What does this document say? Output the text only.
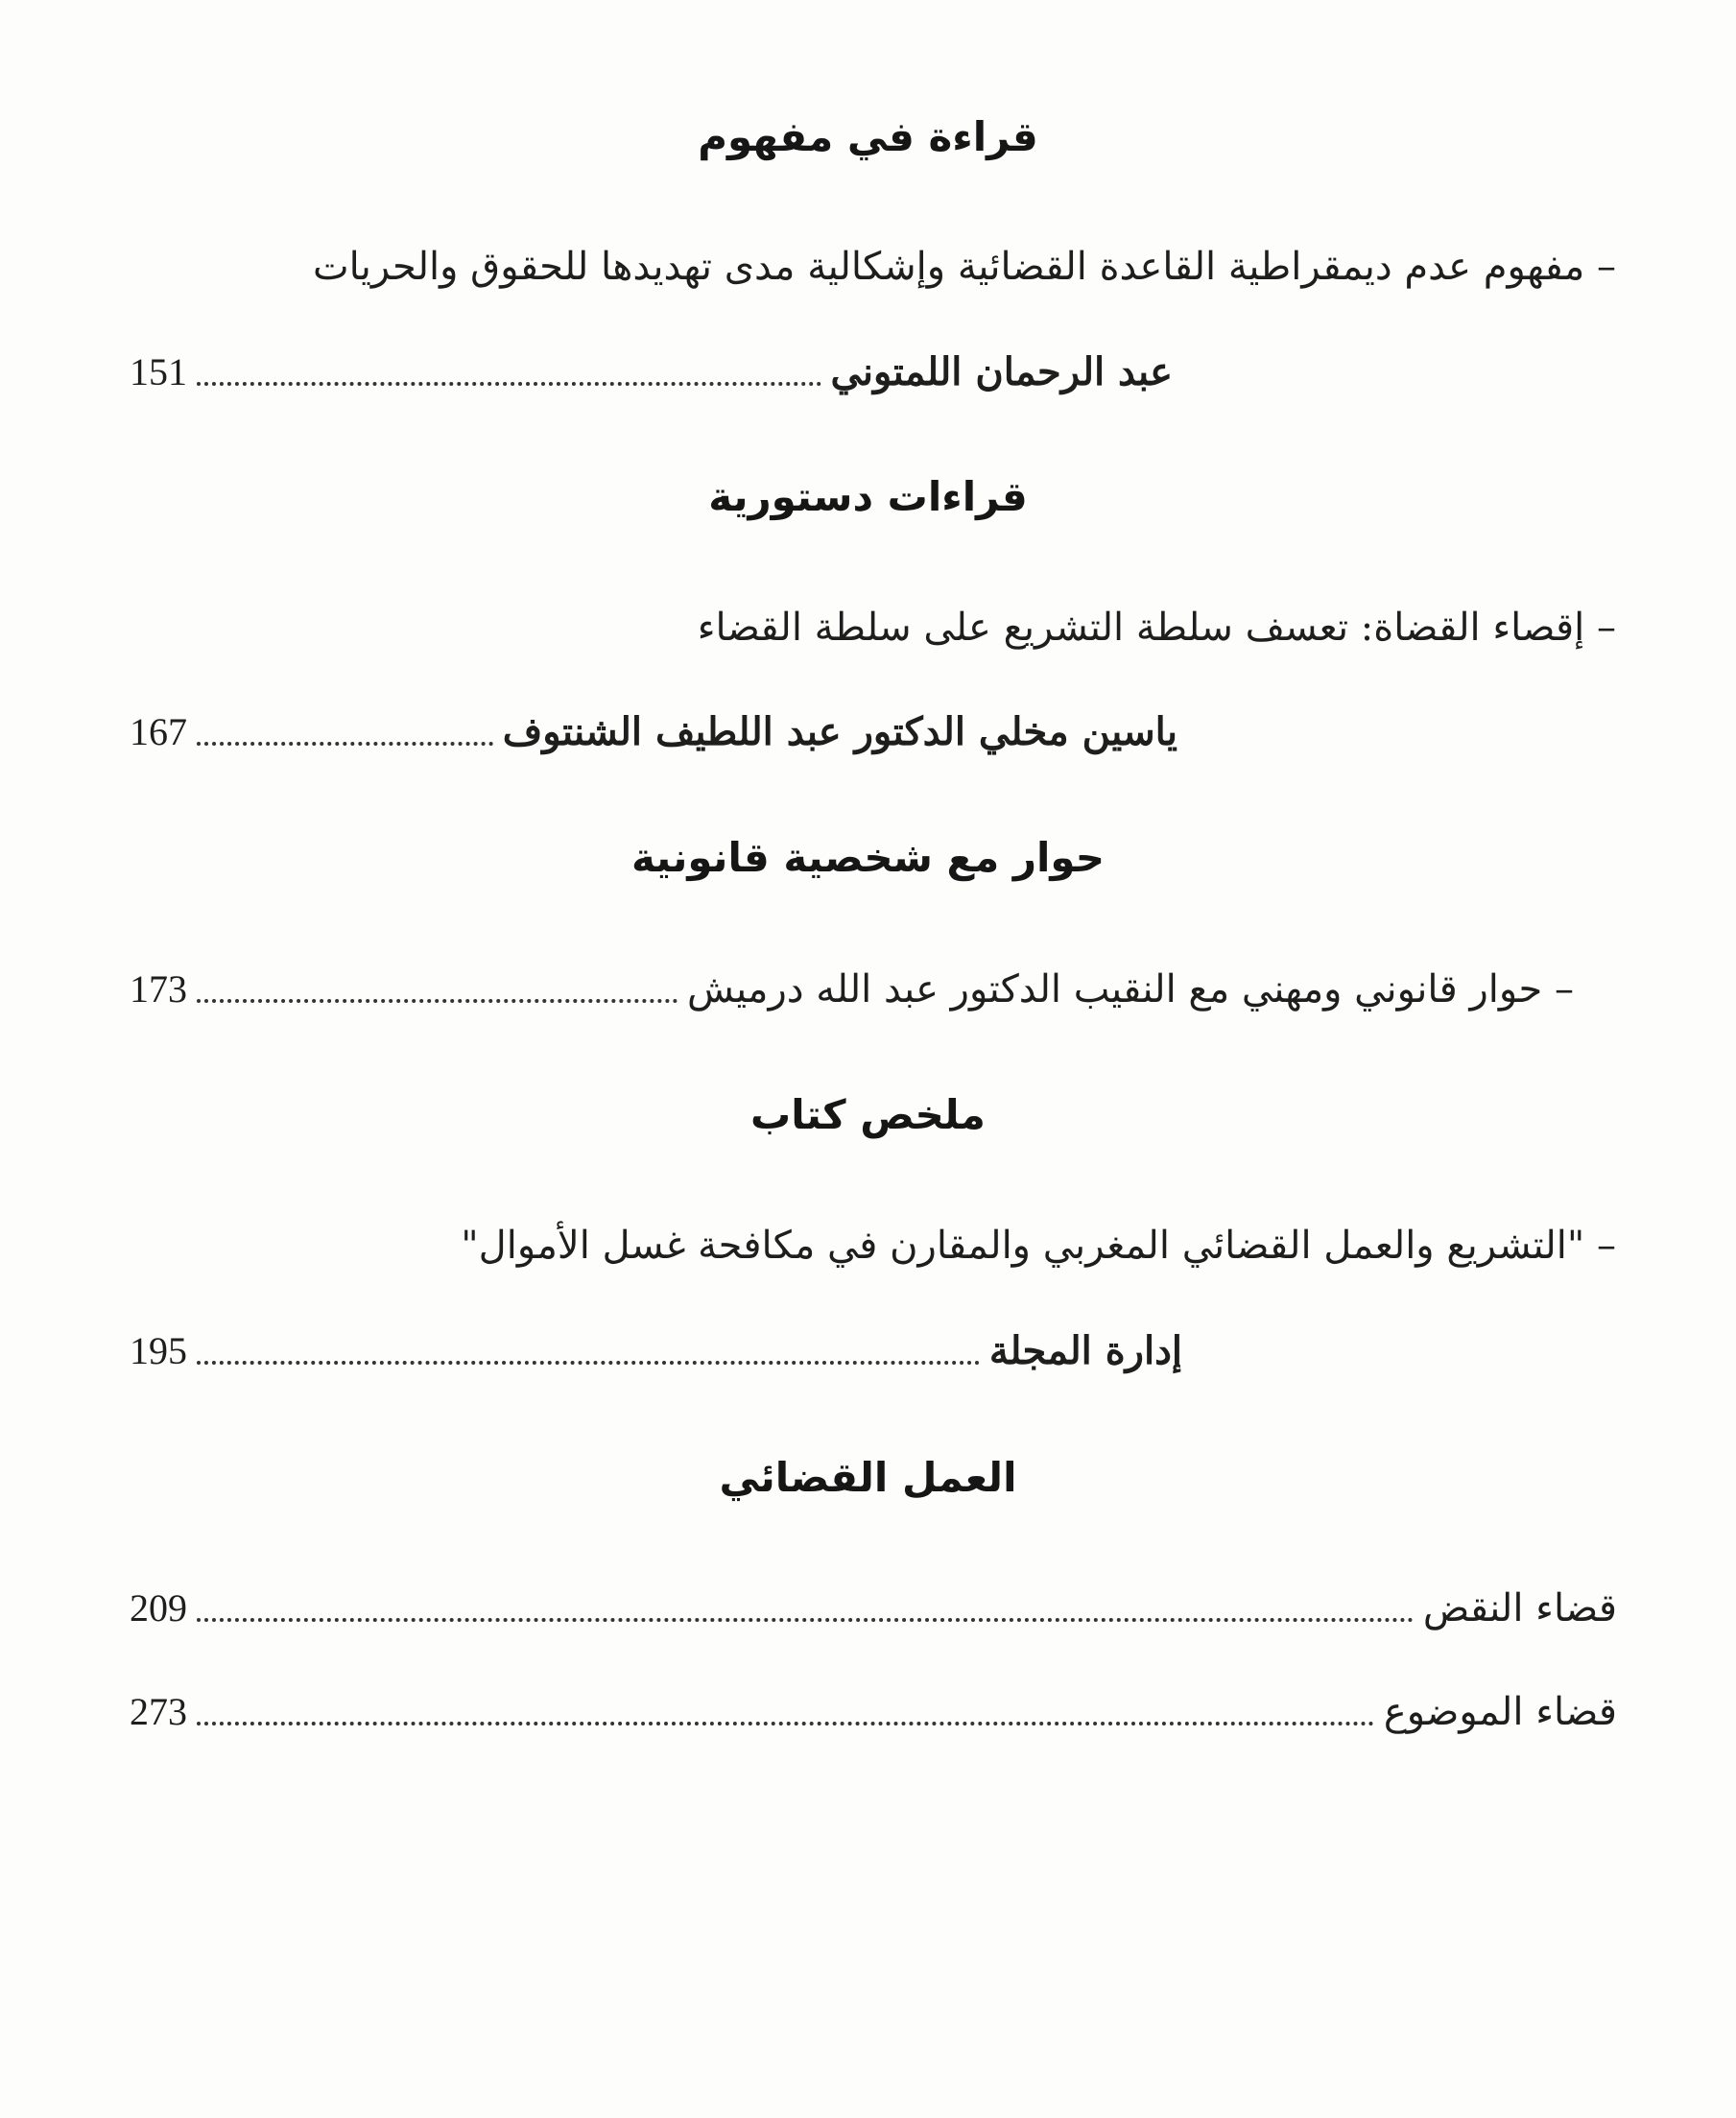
قراءة في مفهوم
– مفهوم عدم ديمقراطية القاعدة القضائية وإشكالية مدى تهديدها للحقوق والحريات
عبد الرحمان اللمتوني
151
قراءات دستورية
– إقصاء القضاة: تعسف سلطة التشريع على سلطة القضاء
ياسين مخلي الدكتور عبد اللطيف الشنتوف
167
حوار مع شخصية قانونية
– حوار قانوني ومهني مع النقيب الدكتور عبد الله درميش
173
ملخص كتاب
– "التشريع والعمل القضائي المغربي والمقارن في مكافحة غسل الأموال"
إدارة المجلة
195
العمل القضائي
قضاء النقض
209
قضاء الموضوع
273
